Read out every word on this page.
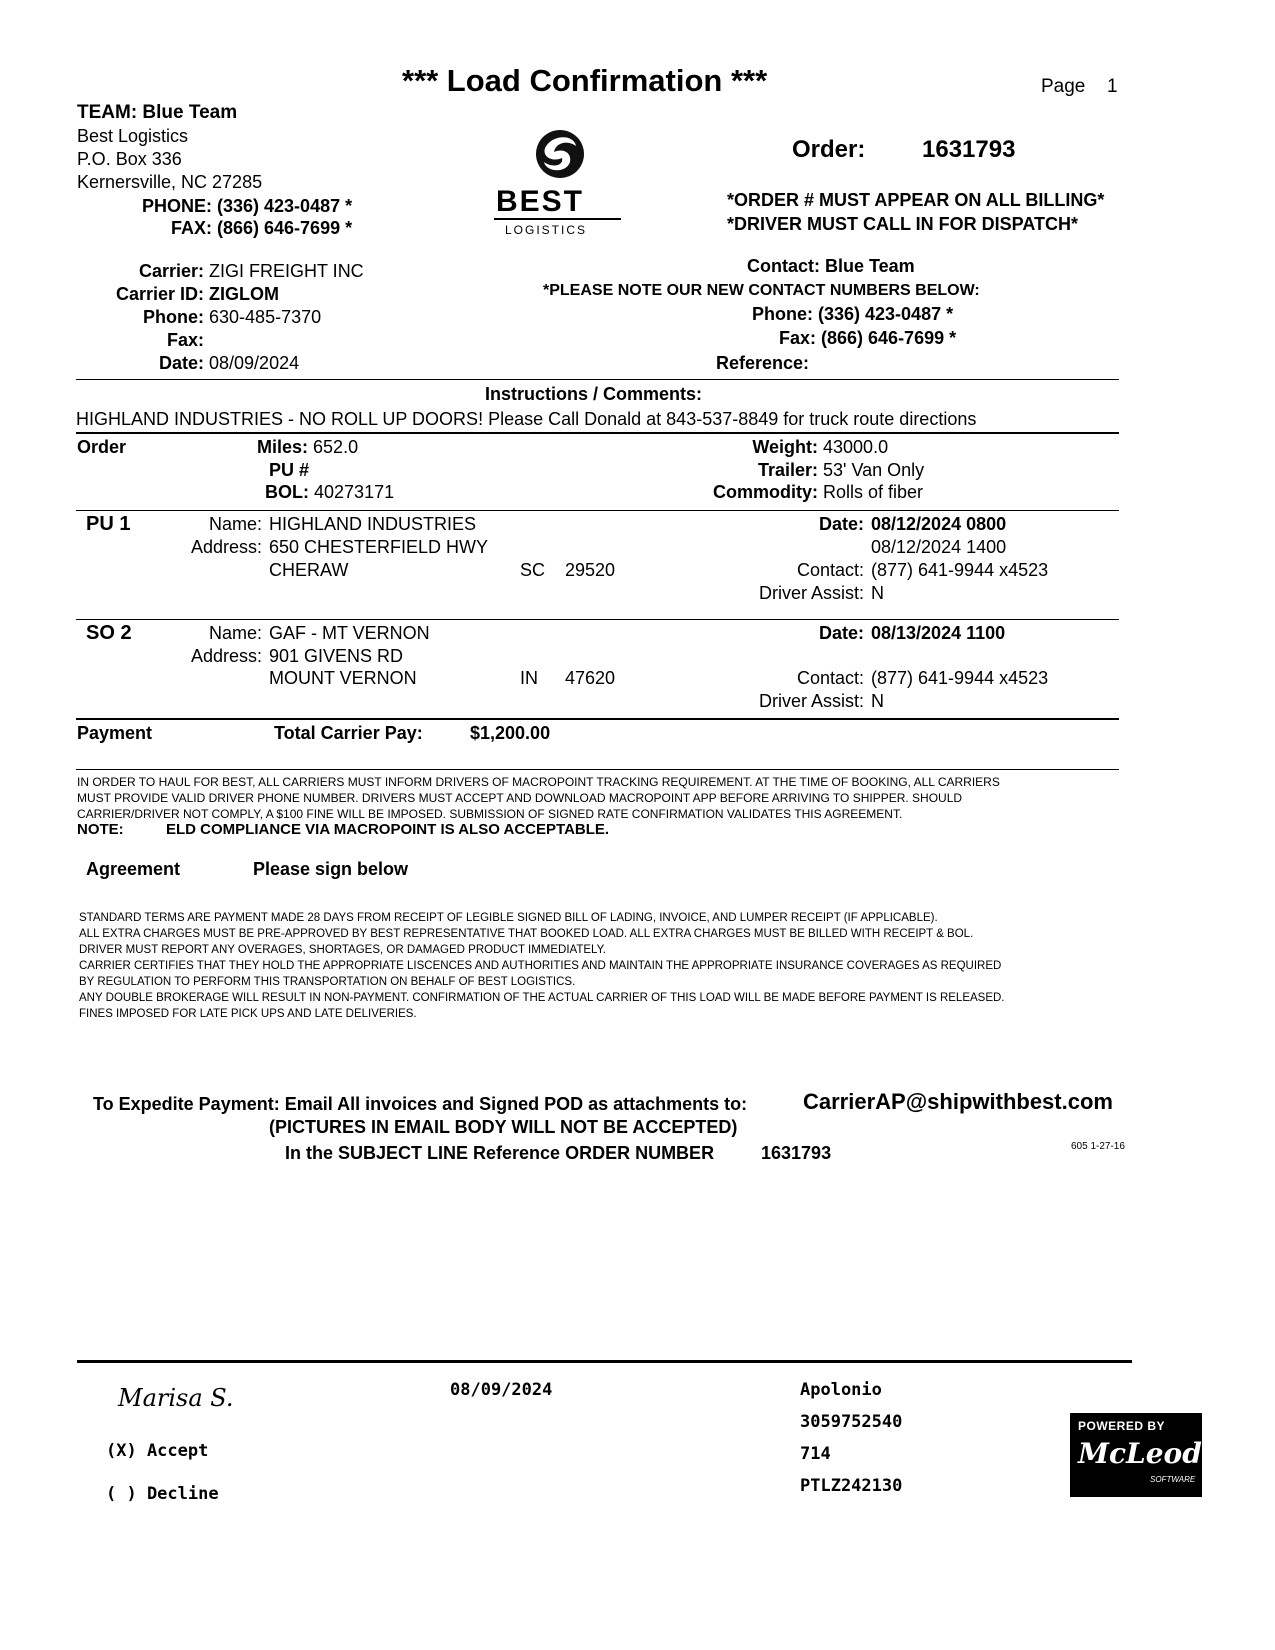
*** Load Confirmation ***	Page 1
TEAM: Blue Team
Best Logistics
P.O. Box 336
Kernersville, NC 27285
PHONE: (336) 423-0487 *
FAX: (866) 646-7699 *
BEST
LOGISTICS
Order: 1631793
*ORDER # MUST APPEAR ON ALL BILLING*
*DRIVER MUST CALL IN FOR DISPATCH*
Carrier: ZIGI FREIGHT INC
Carrier ID: ZIGLOM
Phone: 630-485-7370
Fax:
Date: 08/09/2024
Contact: Blue Team
*PLEASE NOTE OUR NEW CONTACT NUMBERS BELOW:
Phone: (336) 423-0487 *
Fax: (866) 646-7699 *
Reference:
Instructions / Comments:
HIGHLAND INDUSTRIES - NO ROLL UP DOORS! Please Call Donald at 843-537-8849 for truck route directions
Order	Miles: 652.0
PU #
BOL: 40273171
Weight: 43000.0
Trailer: 53' Van Only
Commodity: Rolls of fiber
PU 1	Name: HIGHLAND INDUSTRIES
Address: 650 CHESTERFIELD HWY
CHERAW	SC 29520
Date: 08/12/2024 0800
08/12/2024 1400
Contact: (877) 641-9944 x4523
Driver Assist: N
SO 2	Name: GAF - MT VERNON
Address: 901 GIVENS RD
MOUNT VERNON	IN 47620
Date: 08/13/2024 1100
Contact: (877) 641-9944 x4523
Driver Assist: N
Payment	Total Carrier Pay:	$1,200.00
IN ORDER TO HAUL FOR BEST, ALL CARRIERS MUST INFORM DRIVERS OF MACROPOINT TRACKING REQUIREMENT. AT THE TIME OF BOOKING, ALL CARRIERS
MUST PROVIDE VALID DRIVER PHONE NUMBER. DRIVERS MUST ACCEPT AND DOWNLOAD MACROPOINT APP BEFORE ARRIVING TO SHIPPER. SHOULD
CARRIER/DRIVER NOT COMPLY, A $100 FINE WILL BE IMPOSED. SUBMISSION OF SIGNED RATE CONFIRMATION VALIDATES THIS AGREEMENT.
NOTE:	ELD COMPLIANCE VIA MACROPOINT IS ALSO ACCEPTABLE.
Agreement	Please sign below
STANDARD TERMS ARE PAYMENT MADE 28 DAYS FROM RECEIPT OF LEGIBLE SIGNED BILL OF LADING, INVOICE, AND LUMPER RECEIPT (IF APPLICABLE).
ALL EXTRA CHARGES MUST BE PRE-APPROVED BY BEST REPRESENTATIVE THAT BOOKED LOAD. ALL EXTRA CHARGES MUST BE BILLED WITH RECEIPT & BOL.
DRIVER MUST REPORT ANY OVERAGES, SHORTAGES, OR DAMAGED PRODUCT IMMEDIATELY.
CARRIER CERTIFIES THAT THEY HOLD THE APPROPRIATE LISCENCES AND AUTHORITIES AND MAINTAIN THE APPROPRIATE INSURANCE COVERAGES AS REQUIRED
BY REGULATION TO PERFORM THIS TRANSPORTATION ON BEHALF OF BEST LOGISTICS.
ANY DOUBLE BROKERAGE WILL RESULT IN NON-PAYMENT. CONFIRMATION OF THE ACTUAL CARRIER OF THIS LOAD WILL BE MADE BEFORE PAYMENT IS RELEASED.
FINES IMPOSED FOR LATE PICK UPS AND LATE DELIVERIES.
To Expedite Payment: Email All invoices and Signed POD as attachments to:	CarrierAP@shipwithbest.com
(PICTURES IN EMAIL BODY WILL NOT BE ACCEPTED)
In the SUBJECT LINE Reference ORDER NUMBER	1631793	605 1-27-16
Marisa S.	08/09/2024
(X) Accept
( ) Decline
Apolonio
3059752540
714
PTLZ242130
POWERED BY
McLeod
SOFTWARE
